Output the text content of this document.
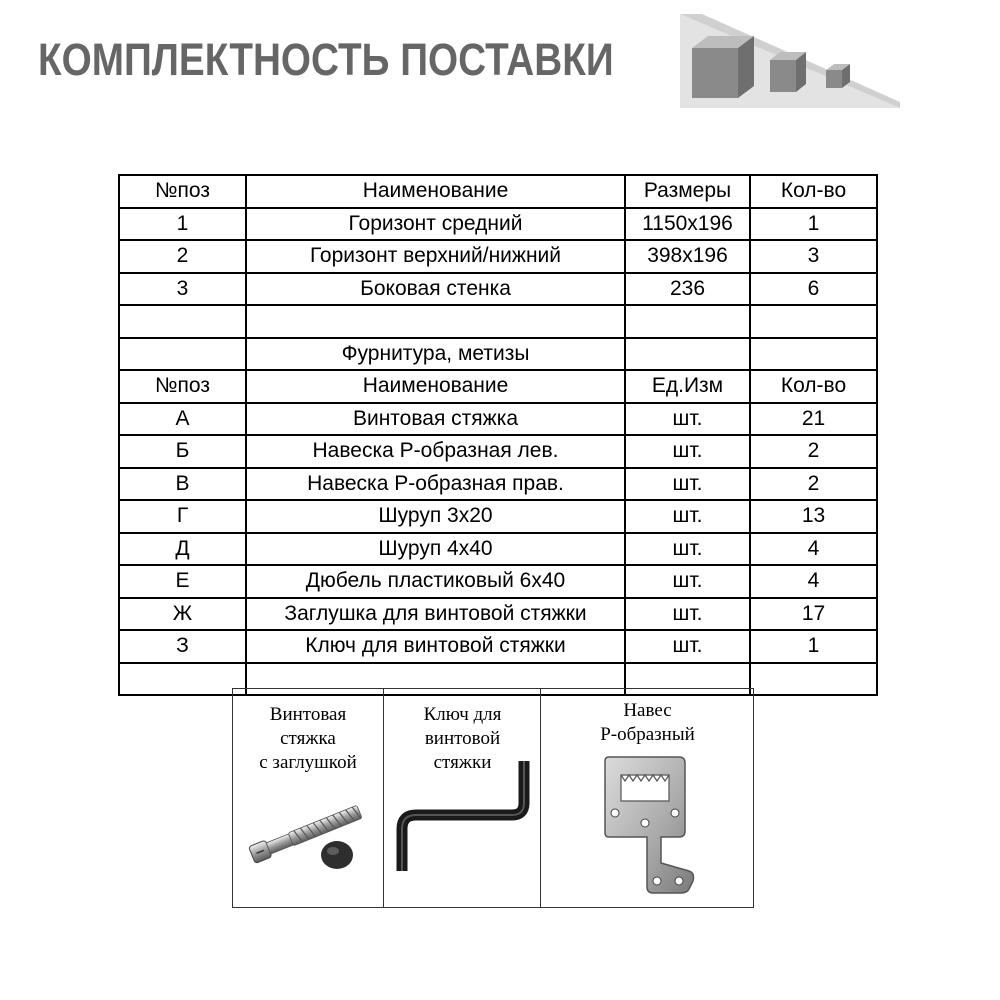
КОМПЛЕКТНОСТЬ ПОСТАВКИ
№поз	Наименование	Размеры	Кол-во
1	Горизонт средний	1150x196	1
2	Горизонт верхний/нижний	398x196	3
3	Боковая стенка	236	6

	Фурнитура, метизы		
№поз	Наименование	Ед.Изм	Кол-во
А	Винтовая стяжка	шт.	21
Б	Навеска Р-образная лев.	шт.	2
В	Навеска Р-образная прав.	шт.	2
Г	Шуруп 3х20	шт.	13
Д	Шуруп 4х40	шт.	4
Е	Дюбель пластиковый 6х40	шт.	4
Ж	Заглушка для винтовой стяжки	шт.	17
З	Ключ для винтовой стяжки	шт.	1

Винтовая
стяжка
с заглушкой
Ключ для
винтовой
стяжки
Навес
Р-образный
